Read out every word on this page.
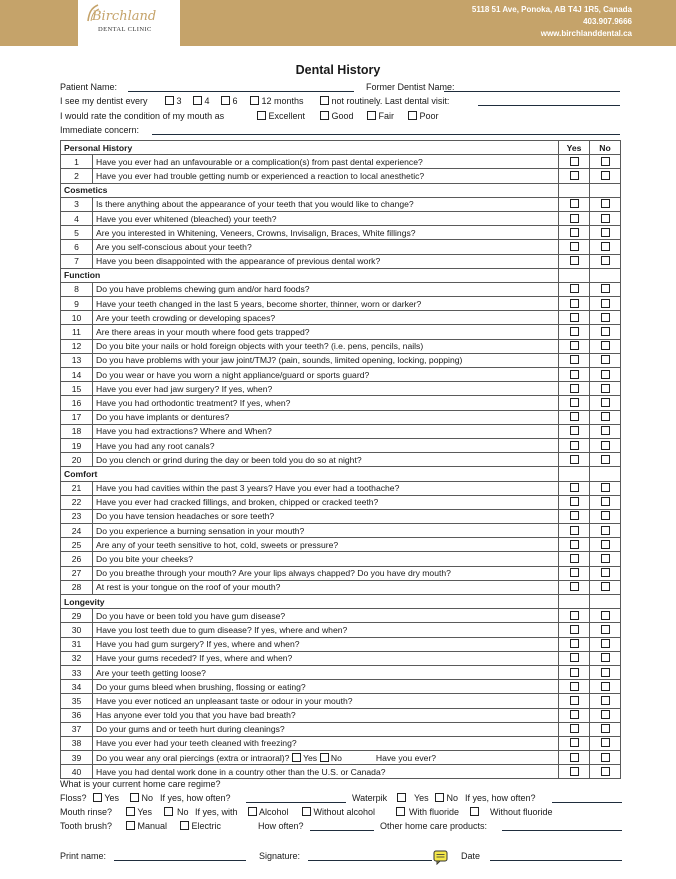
Birchland
DENTAL CLINIC
5118 51 Ave, Ponoka, AB T4J 1R5, Canada
403.907.9666
www.birchlanddental.ca
Dental History
Patient Name:	Former Dentist Name:
I see my dentist every	3	4	6	12 months	not routinely. Last dental visit:
I would rate the condition of my mouth as	Excellent	Good	Fair	Poor
Immediate concern:
Personal History		Yes	No
1	Have you ever had an unfavourable or a complication(s) from past dental experience?		
2	Have you ever had trouble getting numb or experienced a reaction to local anesthetic?		
Cosmetics			
3	Is there anything about the appearance of your teeth that you would like to change?		
4	Have you ever whitened (bleached) your teeth?		
5	Are you interested in Whitening, Veneers, Crowns, Invisalign, Braces, White fillings?		
6	Are you self-conscious about your teeth?		
7	Have you been disappointed with the appearance of previous dental work?		
Function			
8	Do you have problems chewing gum and/or hard foods?		
9	Have your teeth changed in the last 5 years, become shorter, thinner, worn or darker?		
10	Are your teeth crowding or developing spaces?		
11	Are there areas in your mouth where food gets trapped?		
12	Do you bite your nails or hold foreign objects with your teeth? (i.e. pens, pencils, nails)		
13	Do you have problems with your jaw joint/TMJ? (pain, sounds, limited opening, locking, popping)		
14	Do you wear or have you worn a night appliance/guard or sports guard?		
15	Have you ever had jaw surgery? If yes, when?		
16	Have you had orthodontic treatment? If yes, when?		
17	Do you have implants or dentures?		
18	Have you had extractions? Where and When?		
19	Have you had any root canals?		
20	Do you clench or grind during the day or been told you do so at night?		
Comfort			
21	Have you had cavities within the past 3 years? Have you ever had a toothache?		
22	Have you ever had cracked fillings, and broken, chipped or cracked teeth?		
23	Do you have tension headaches or sore teeth?		
24	Do you experience a burning sensation in your mouth?		
25	Are any of your teeth sensitive to hot, cold, sweets or pressure?		
26	Do you bite your cheeks?		
27	Do you breathe through your mouth? Are your lips always chapped? Do you have dry mouth?		
28	At rest is your tongue on the roof of your mouth?		
Longevity			
29	Do you have or been told you have gum disease?		
30	Have you lost teeth due to gum disease? If yes, where and when?		
31	Have you had gum surgery? If yes, where and when?		
32	Have your gums receded? If yes, where and when?		
33	Are your teeth getting loose?		
34	Do your gums bleed when brushing, flossing or eating?		
35	Have you ever noticed an unpleasant taste or odour in your mouth?		
36	Has anyone ever told you that you have bad breath?		
37	Do your gums and or teeth hurt during cleanings?		
38	Have you ever had your teeth cleaned with freezing?		
39	Do you wear any oral piercings (extra or intraoral)? Yes No Have you ever?		
40	Have you had dental work done in a country other than the U.S. or Canada?		
What is your current home care regime?
Floss?	Yes	No If yes, how often?	Waterpik	Yes	No If yes, how often?
Mouth rinse?	Yes	No If yes, with	Alcohol	Without alcohol	With fluoride	Without fluoride
Tooth brush?	Manual	Electric	How often?	Other home care products:
Print name:	Signature:	Date
